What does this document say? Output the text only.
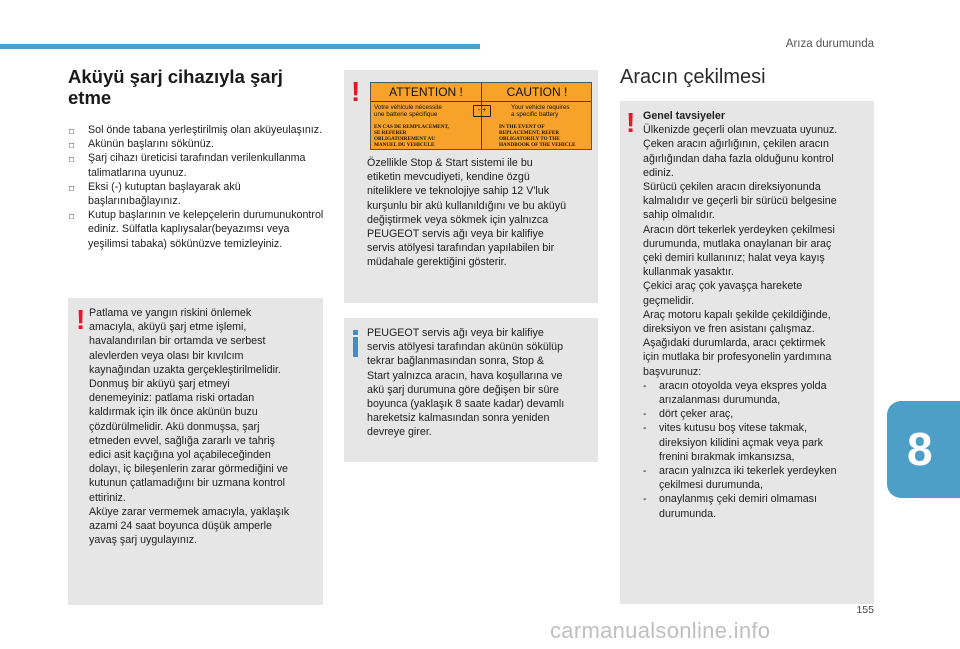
Arıza durumunda
Aküyü şarj cihazıyla şarj
etme
□ Sol önde tabana yerleştirilmiş olan aküyeulaşınız.
□ Akünün başlarını sökünüz.
□ Şarj cihazı üreticisi tarafından verilenkullanma talimatlarına uyunuz.
□ Eksi (-) kutuptan başlayarak akü başlarınıbağlayınız.
□ Kutup başlarının ve kelepçelerin durumunukontrol ediniz. Sülfatla kaplıysalar(beyazımsı veya yeşilimsi tabaka) sökünüzve temizleyiniz.
! Patlama ve yangın riskini önlemek
amacıyla, aküyü şarj etme işlemi,
havalandırılan bir ortamda ve serbest
alevlerden veya olası bir kıvılcım
kaynağından uzakta gerçekleştirilmelidir.
Donmuş bir aküyü şarj etmeyi
denemeyiniz: patlama riski ortadan
kaldırmak için ilk önce akünün buzu
çözdürülmelidir. Akü donmuşsa, şarj
etmeden evvel, sağlığa zararlı ve tahriş
edici asit kaçığına yol açabileceğinden
dolayı, iç bileşenlerin zarar görmediğini ve
kutunun çatlamadığını bir uzmana kontrol
ettiriniz.
Aküye zarar vermemek amacıyla, yaklaşık
azami 24 saat boyunca düşük amperle
yavaş şarj uygulayınız.
!
Özellikle Stop & Start sistemi ile bu
etiketin mevcudiyeti, kendine özgü
niteliklere ve teknolojiye sahip 12 V'luk
kurşunlu bir akü kullanıldığını ve bu aküyü
değiştirmek veya sökmek için yalnızca
PEUGEOT servis ağı veya bir kalifiye
servis atölyesi tarafından yapılabilen bir
müdahale gerektiğini gösterir.
ATTENTION !	CAUTION !
Votre véhicule nécessite
une batterie spécifique
- +	Your vehicle requires
a specific battery
EN CAS DE REMPLACEMENT,
SE REFERER
OBLIGATOIREMENT AU
MANUEL DU VEHICULE
IN THE EVENT OF
REPLACEMENT, REFER
OBLIGATORILY TO THE
HANDBOOK OF THE VEHICLE
PEUGEOT servis ağı veya bir kalifiye
servis atölyesi tarafından akünün sökülüp
tekrar bağlanmasından sonra, Stop &
Start yalnızca aracın, hava koşullarına ve
akü şarj durumuna göre değişen bir süre
boyunca (yaklaşık 8 saate kadar) devamlı
hareketsiz kalmasından sonra yeniden
devreye girer.
Aracın çekilmesi
! Genel tavsiyeler
Ülkenizde geçerli olan mevzuata uyunuz.
Çeken aracın ağırlığının, çekilen aracın
ağırlığından daha fazla olduğunu kontrol
ediniz.
Sürücü çekilen aracın direksiyonunda
kalmalıdır ve geçerli bir sürücü belgesine
sahip olmalıdır.
Aracın dört tekerlek yerdeyken çekilmesi
durumunda, mutlaka onaylanan bir araç
çeki demiri kullanınız; halat veya kayış
kullanmak yasaktır.
Çekici araç çok yavaşça harekete
geçmelidir.
Araç motoru kapalı şekilde çekildiğinde,
direksiyon ve fren asistanı çalışmaz.
Aşağıdaki durumlarda, aracı çektirmek
için mutlaka bir profesyonelin yardımına
başvurunuz:
- aracın otoyolda veya ekspres yolda
arızalanması durumunda,
- dört çeker araç,
- vites kutusu boş vitese takmak,
direksiyon kilidini açmak veya park
frenini bırakmak imkansızsa,
- aracın yalnızca iki tekerlek yerdeyken
çekilmesi durumunda,
- onaylanmış çeki demiri olmaması
durumunda.
8
155
carmanualsonline.info
